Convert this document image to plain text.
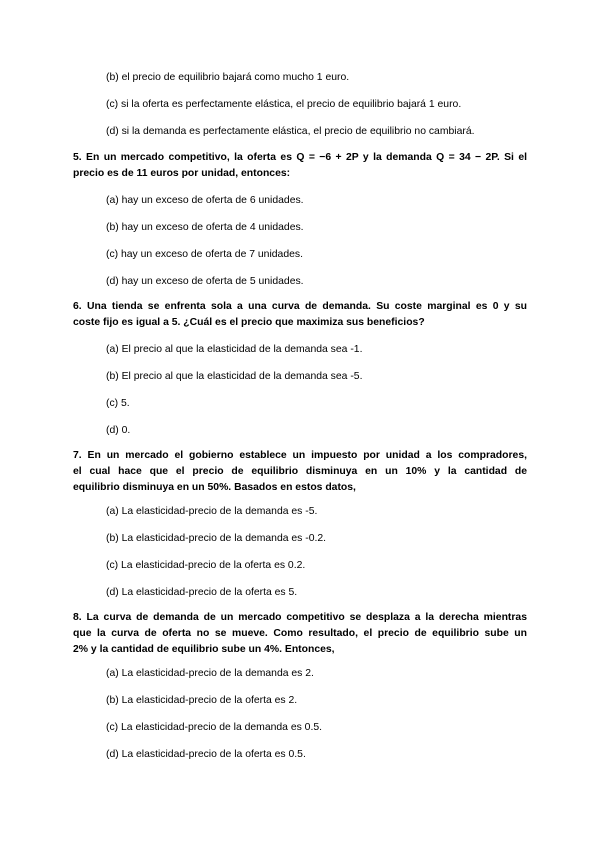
(b) el precio de equilibrio bajará como mucho 1 euro.
(c) si la oferta es perfectamente elástica, el precio de equilibrio bajará 1 euro.
(d) si la demanda es perfectamente elástica, el precio de equilibrio no cambiará.
5. En un mercado competitivo, la oferta es Q = −6 + 2P y la demanda Q = 34 − 2P. Si el
precio es de 11 euros por unidad, entonces:
(a) hay un exceso de oferta de 6 unidades.
(b) hay un exceso de oferta de 4 unidades.
(c) hay un exceso de oferta de 7 unidades.
(d) hay un exceso de oferta de 5 unidades.
6. Una tienda se enfrenta sola a una curva de demanda. Su coste marginal es 0 y su
coste fijo es igual a 5. ¿Cuál es el precio que maximiza sus beneficios?
(a) El precio al que la elasticidad de la demanda sea -1.
(b) El precio al que la elasticidad de la demanda sea -5.
(c) 5.
(d) 0.
7. En un mercado el gobierno establece un impuesto por unidad a los compradores,
el cual hace que el precio de equilibrio disminuya en un 10% y la cantidad de
equilibrio disminuya en un 50%. Basados en estos datos,
(a) La elasticidad-precio de la demanda es -5.
(b) La elasticidad-precio de la demanda es -0.2.
(c) La elasticidad-precio de la oferta es 0.2.
(d) La elasticidad-precio de la oferta es 5.
8. La curva de demanda de un mercado competitivo se desplaza a la derecha mientras
que la curva de oferta no se mueve. Como resultado, el precio de equilibrio sube un
2% y la cantidad de equilibrio sube un 4%. Entonces,
(a) La elasticidad-precio de la demanda es 2.
(b) La elasticidad-precio de la oferta es 2.
(c) La elasticidad-precio de la demanda es 0.5.
(d) La elasticidad-precio de la oferta es 0.5.
